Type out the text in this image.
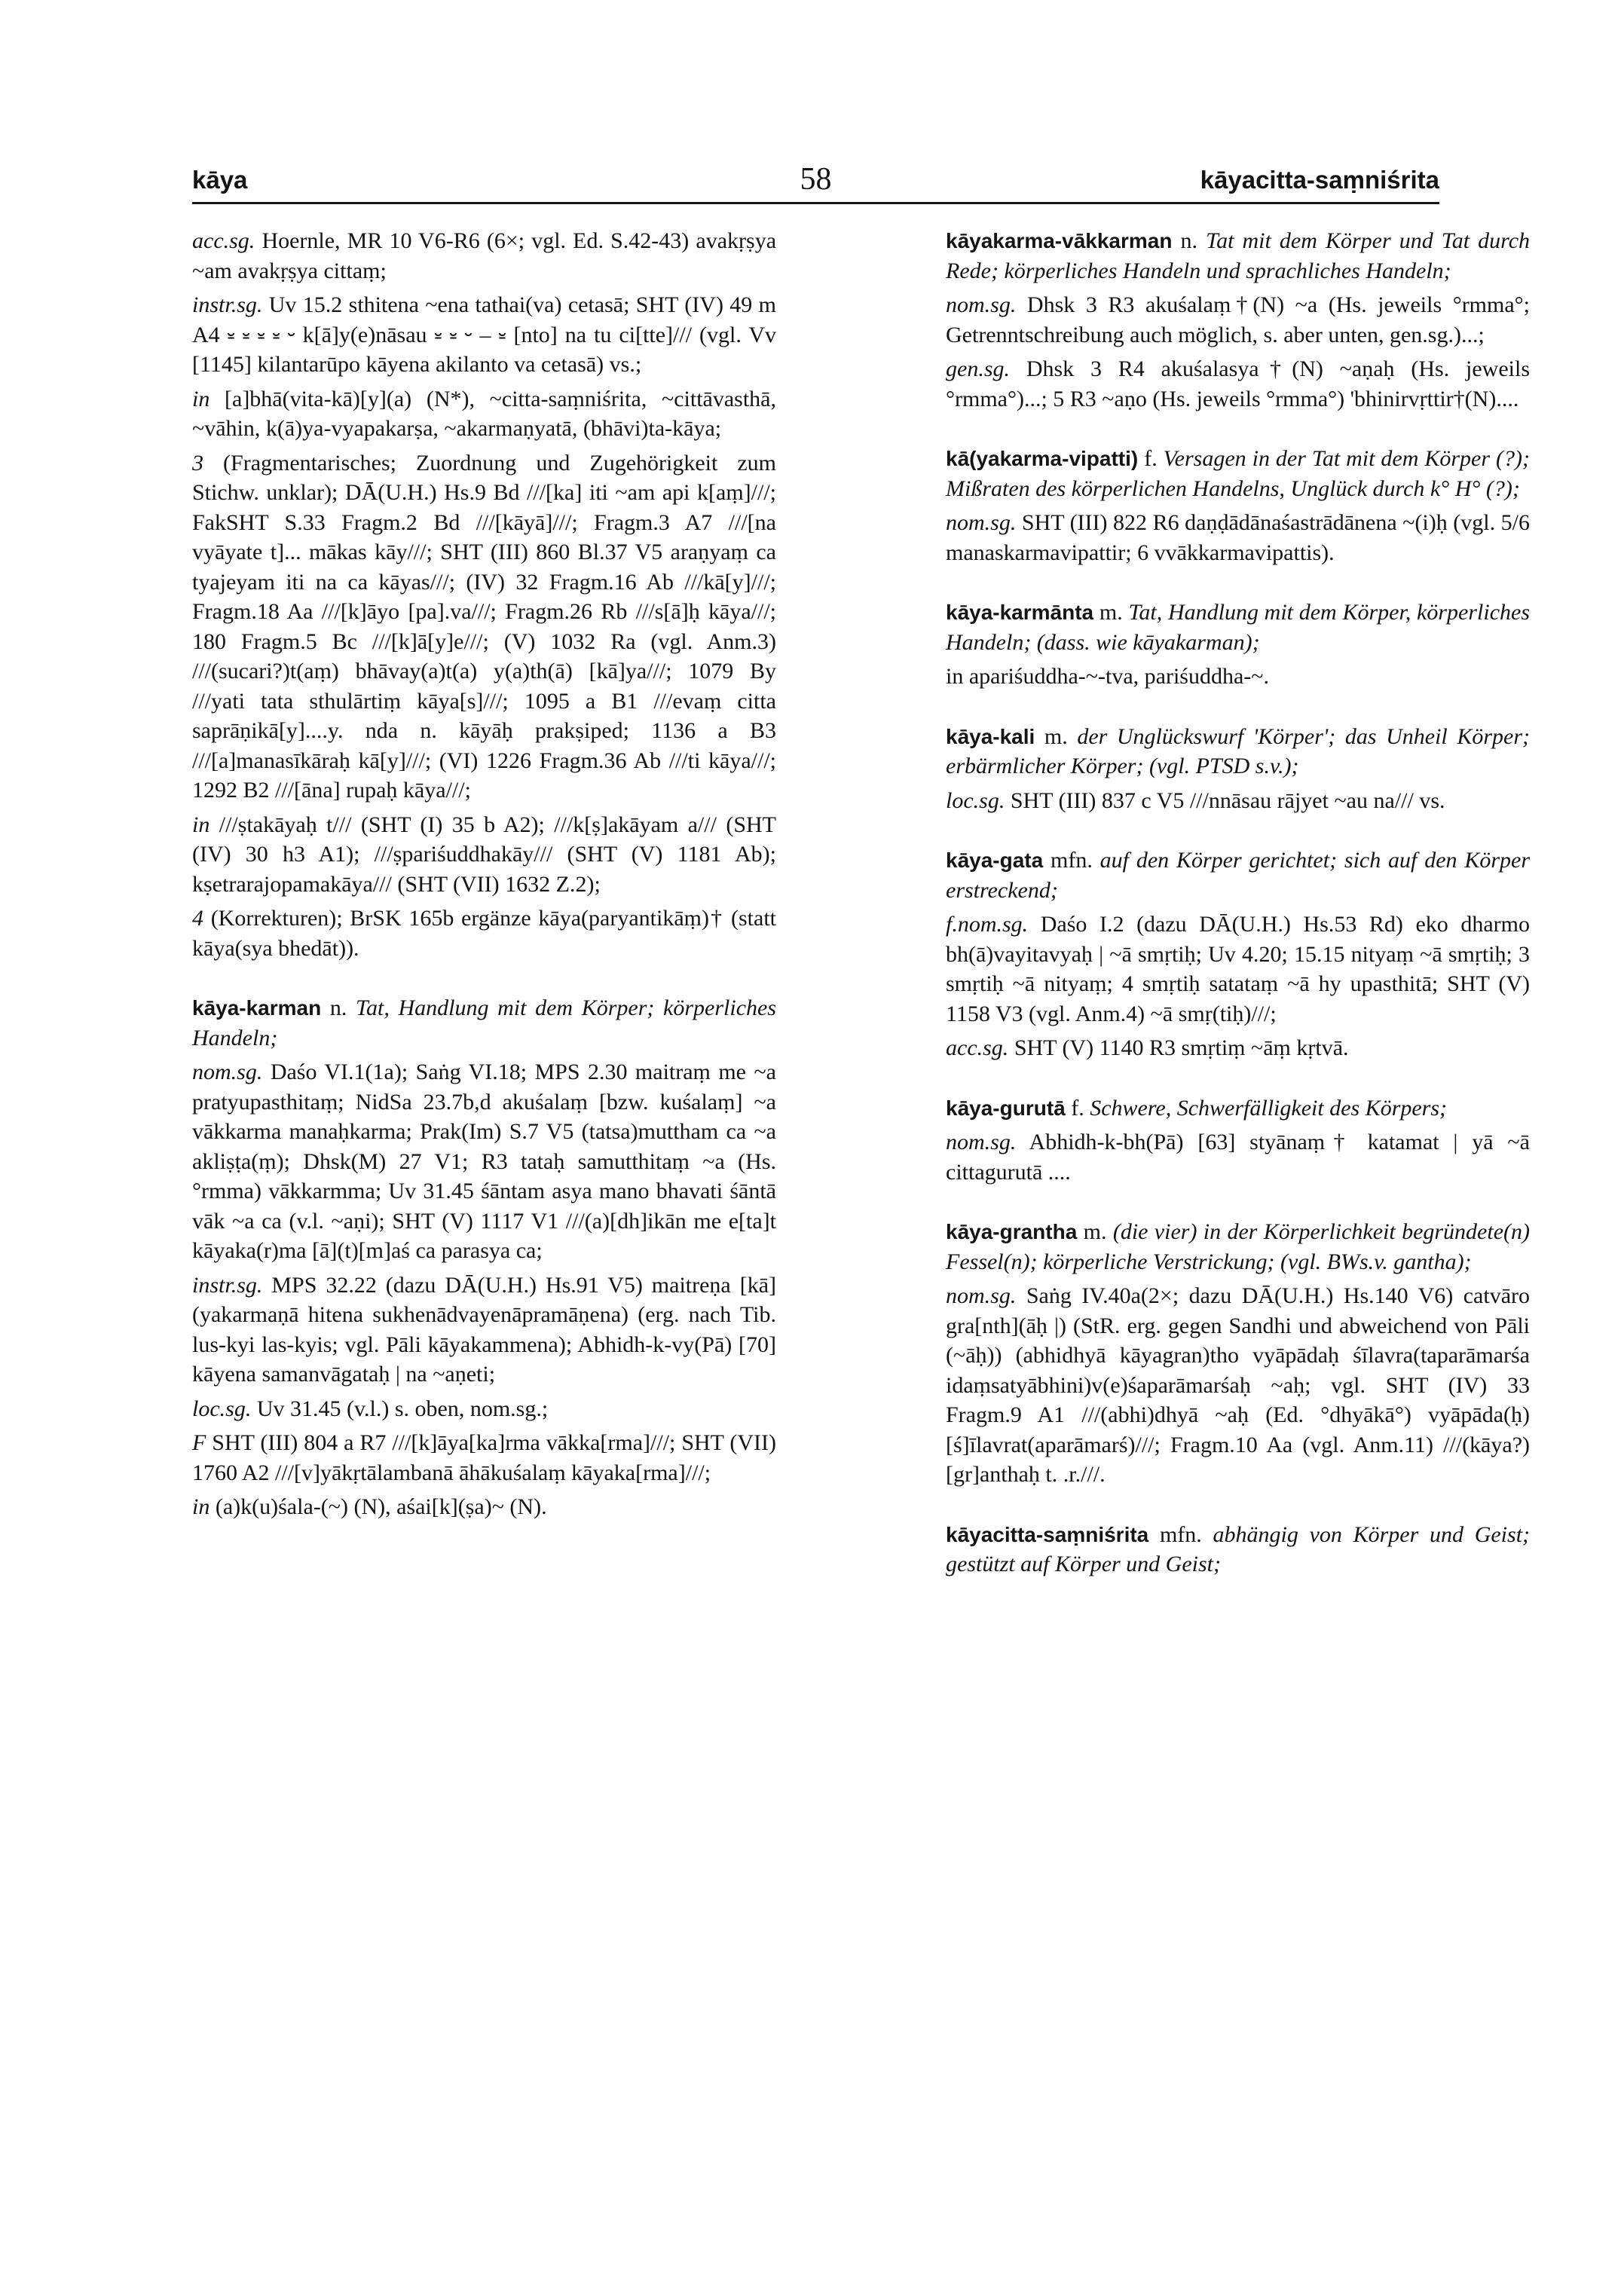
kāya	58	kāyacitta-saṃniśrita

acc.sg. Hoernle, MR 10 V6-R6 (6×; vgl. Ed. S.42-43) avakṛṣya ~am avakṛṣya cittaṃ;

instr.sg. Uv 15.2 sthitena ~ena tathai(va) cetasā; SHT (IV) 49 m A4 ⏓ ⏓ ⏓ ⏓ ⏑ k[ā]y(e)nāsau ⏓ ⏓ ⏑ – ⏓ [nto] na tu ci[tte]/// (vgl. Vv [1145] kilantarūpo kāyena akilanto va cetasā) vs.;

in [a]bhā(vita-kā)[y](a) (N*), ~citta-saṃniśrita, ~cittāvasthā, ~vāhin, k(ā)ya-vyapakarṣa, ~akarmaṇyatā, (bhāvi)ta-kāya;

3 (Fragmentarisches; Zuordnung und Zugehörigkeit zum Stichw. unklar); DĀ(U.H.) Hs.9 Bd ///[ka] iti ~am api k[aṃ]///; FakSHT S.33 Fragm.2 Bd ///[kāyā]///; Fragm.3 A7 ///[na vyāyate t]... mākas kāy///; SHT (III) 860 Bl.37 V5 araṇyaṃ ca tyajeyam iti na ca kāyas///; (IV) 32 Fragm.16 Ab ///kā[y]///; Fragm.18 Aa ///[k]āyo [pa].va///; Fragm.26 Rb ///s[ā]ḥ kāya///; 180 Fragm.5 Bc ///[k]ā[y]e///; (V) 1032 Ra (vgl. Anm.3) ///(sucari?)t(aṃ) bhāvay(a)t(a) y(a)th(ā) [kā]ya///; 1079 By ///yati tata sthulārtiṃ kāya[s]///; 1095 a B1 ///evaṃ citta saprāṇikā[y]....y. nda n. kāyāḥ prakṣiped; 1136 a B3 ///[a]manasīkāraḥ kā[y]///; (VI) 1226 Fragm.36 Ab ///ti kāya///; 1292 B2 ///[āna] rupaḥ kāya///;

in ///ṣtakāyaḥ t/// (SHT (I) 35 b A2); ///k[ṣ]akāyam a/// (SHT (IV) 30 h3 A1); ///ṣpariśuddhakāy/// (SHT (V) 1181 Ab); kṣetrarajopamakāya/// (SHT (VII) 1632 Z.2);

4 (Korrekturen); BrSK 165b ergänze kāya(paryantikāṃ)† (statt kāya(sya bhedāt)).

kāya-karman n. Tat, Handlung mit dem Körper; körperliches Handeln;

nom.sg. Daśo VI.1(1a); Saṅg VI.18; MPS 2.30 maitraṃ me ~a pratyupasthitaṃ; NidSa 23.7b,d akuśalaṃ [bzw. kuśalaṃ] ~a vākkarma manaḥkarma; Prak(Im) S.7 V5 (tatsa)muttham ca ~a akliṣṭa(ṃ); Dhsk(M) 27 V1; R3 tataḥ samutthitaṃ ~a (Hs. °rmma) vākkarmma; Uv 31.45 śāntam asya mano bhavati śāntā vāk ~a ca (v.l. ~aṇi); SHT (V) 1117 V1 ///(a)[dh]ikān me e[ta]t kāyaka(r)ma [ā](t)[m]aś ca parasya ca;

instr.sg. MPS 32.22 (dazu DĀ(U.H.) Hs.91 V5) maitreṇa [kā](yakarmaṇā hitena sukhenādvayenāpramāṇena) (erg. nach Tib. lus-kyi las-kyis; vgl. Pāli kāyakammena); Abhidh-k-vy(Pā) [70] kāyena samanvāgataḥ | na ~aṇeti;

loc.sg. Uv 31.45 (v.l.) s. oben, nom.sg.;

F SHT (III) 804 a R7 ///[k]āya[ka]rma vākka[rma]///; SHT (VII) 1760 A2 ///[v]yākṛtālambanā āhākuśalaṃ kāyaka[rma]///;

in (a)k(u)śala-(~) (N), aśai[k](ṣa)~ (N).

kāyakarma-vākkarman n. Tat mit dem Körper und Tat durch Rede; körperliches Handeln und sprachliches Handeln;

nom.sg. Dhsk 3 R3 akuśalaṃ†(N) ~a (Hs. jeweils °rmma°; Getrenntschreibung auch möglich, s. aber unten, gen.sg.)...;

gen.sg. Dhsk 3 R4 akuśalasya†(N) ~aṇaḥ (Hs. jeweils °rmma°)...; 5 R3 ~aṇo (Hs. jeweils °rmma°) 'bhinirvṛttir†(N)....

kā(yakarma-vipatti) f. Versagen in der Tat mit dem Körper (?); Mißraten des körperlichen Handelns, Unglück durch k° H° (?);

nom.sg. SHT (III) 822 R6 daṇḍādānaśastrādānena ~(i)ḥ (vgl. 5/6 manaskarmavipattir; 6 vvākkarmavipattis).

kāya-karmānta m. Tat, Handlung mit dem Körper, körperliches Handeln; (dass. wie kāyakarman);

in apariśuddha-~-tva, pariśuddha-~.

kāya-kali m. der Unglückswurf 'Körper'; das Unheil Körper; erbärmlicher Körper; (vgl. PTSD s.v.);

loc.sg. SHT (III) 837 c V5 ///nnāsau rājyet ~au na/// vs.

kāya-gata mfn. auf den Körper gerichtet; sich auf den Körper erstreckend;

f.nom.sg. Daśo I.2 (dazu DĀ(U.H.) Hs.53 Rd) eko dharmo bh(ā)vayitavyaḥ | ~ā smṛtiḥ; Uv 4.20; 15.15 nityaṃ ~ā smṛtiḥ; 3 smṛtiḥ ~ā nityaṃ; 4 smṛtiḥ satataṃ ~ā hy upasthitā; SHT (V) 1158 V3 (vgl. Anm.4) ~ā smṛ(tiḥ)///;

acc.sg. SHT (V) 1140 R3 smṛtiṃ ~āṃ kṛtvā.

kāya-gurutā f. Schwere, Schwerfälligkeit des Körpers;

nom.sg. Abhidh-k-bh(Pā) [63] styānaṃ† katamat | yā ~ā cittagurutā ....

kāya-grantha m. (die vier) in der Körperlichkeit begründete(n) Fessel(n); körperliche Verstrickung; (vgl. BWs.v. gantha);

nom.sg. Saṅg IV.40a(2×; dazu DĀ(U.H.) Hs.140 V6) catvāro gra[nth](āḥ |) (StR. erg. gegen Sandhi und abweichend von Pāli (~āḥ)) (abhidhyā kāyagran)tho vyāpādaḥ śīlavra(taparāmarśa idaṃsatyābhini)v(e)śaparāmarśaḥ ~aḥ; vgl. SHT (IV) 33 Fragm.9 A1 ///(abhi)dhyā ~aḥ (Ed. °dhyākā°) vyāpāda(ḥ) [ś]īlavrat(aparāmarś)///; Fragm.10 Aa (vgl. Anm.11) ///(kāya?)[gr]anthaḥ t. .r.///.

kāyacitta-saṃniśrita mfn. abhängig von Körper und Geist; gestützt auf Körper und Geist;
